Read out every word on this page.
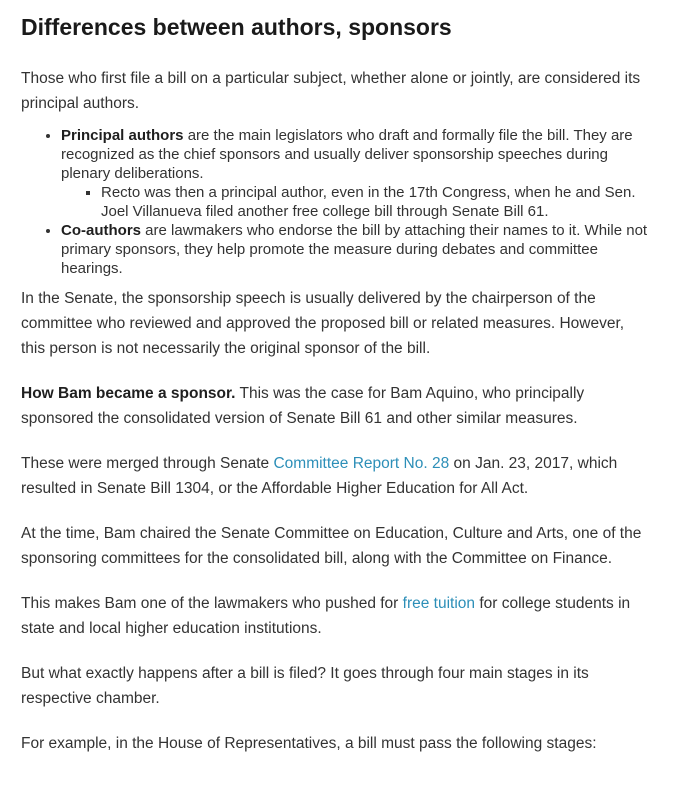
Differences between authors, sponsors

Those who first file a bill on a particular subject, whether alone or jointly, are considered its principal authors.

• Principal authors are the main legislators who draft and formally file the bill. They are recognized as the chief sponsors and usually deliver sponsorship speeches during plenary deliberations.
▪ Recto was then a principal author, even in the 17th Congress, when he and Sen. Joel Villanueva filed another free college bill through Senate Bill 61.
• Co-authors are lawmakers who endorse the bill by attaching their names to it. While not primary sponsors, they help promote the measure during debates and committee hearings.

In the Senate, the sponsorship speech is usually delivered by the chairperson of the committee who reviewed and approved the proposed bill or related measures. However, this person is not necessarily the original sponsor of the bill.

How Bam became a sponsor. This was the case for Bam Aquino, who principally sponsored the consolidated version of Senate Bill 61 and other similar measures.

These were merged through Senate Committee Report No. 28 on Jan. 23, 2017, which resulted in Senate Bill 1304, or the Affordable Higher Education for All Act.

At the time, Bam chaired the Senate Committee on Education, Culture and Arts, one of the sponsoring committees for the consolidated bill, along with the Committee on Finance.

This makes Bam one of the lawmakers who pushed for free tuition for college students in state and local higher education institutions.

But what exactly happens after a bill is filed? It goes through four main stages in its respective chamber.

For example, in the House of Representatives, a bill must pass the following stages:
